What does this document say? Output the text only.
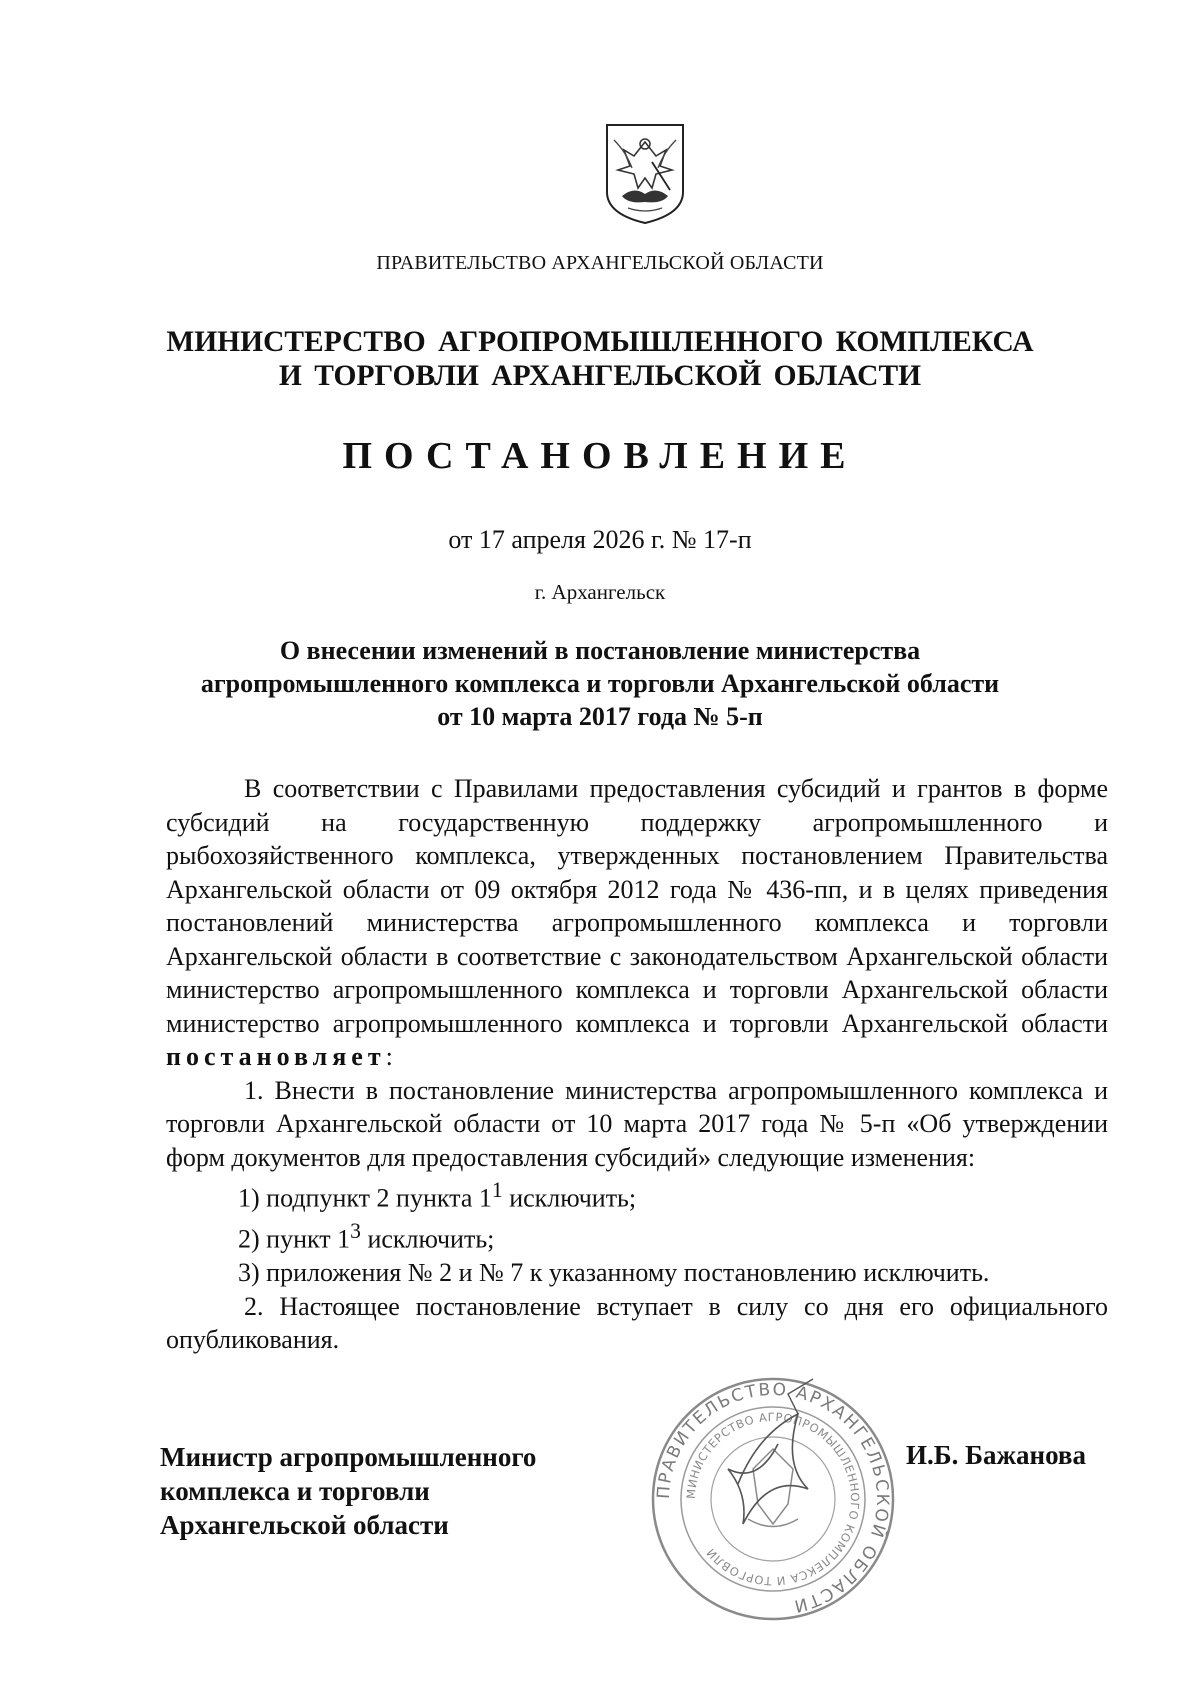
ПРАВИТЕЛЬСТВО АРХАНГЕЛЬСКОЙ ОБЛАСТИ
МИНИСТЕРСТВО АГРОПРОМЫШЛЕННОГО КОМПЛЕКСА
И ТОРГОВЛИ АРХАНГЕЛЬСКОЙ ОБЛАСТИ
ПОСТАНОВЛЕНИЕ
от 17 апреля 2026 г. № 17-п
г. Архангельск
О внесении изменений в постановление министерства
агропромышленного комплекса и торговли Архангельской области
от 10 марта 2017 года № 5-п

В соответствии с Правилами предоставления субсидий и грантов в форме субсидий на государственную поддержку агропромышленного и рыбохозяйственного комплекса, утвержденных постановлением Правительства Архангельской области от 09 октября 2012 года № 436-пп, и в целях приведения постановлений министерства агропромышленного комплекса и торговли Архангельской области в соответствие с законодательством Архангельской области министерство агропромышленного комплекса и торговли Архангельской области министерство агропромышленного комплекса и торговли Архангельской области постановляет:

1. Внести в постановление министерства агропромышленного комплекса и торговли Архангельской области от 10 марта 2017 года № 5-п «Об утверждении форм документов для предоставления субсидий» следующие изменения:

1) подпункт 2 пункта $1^1$ исключить;

2) пункт $1^3$ исключить;

3) приложения № 2 и № 7 к указанному постановлению исключить.

2. Настоящее постановление вступает в силу со дня его официального опубликования.

Министр агропромышленного
комплекса и торговли
Архангельской области
ПРАВИТЕЛЬСТВО АРХАНГЕЛЬСКОЙ ОБЛАСТИ
МИНИСТЕРСТВО АГРОПРОМЫШЛЕННОГО КОМПЛЕКСА И ТОРГОВЛИ
И.Б. Бажанова
